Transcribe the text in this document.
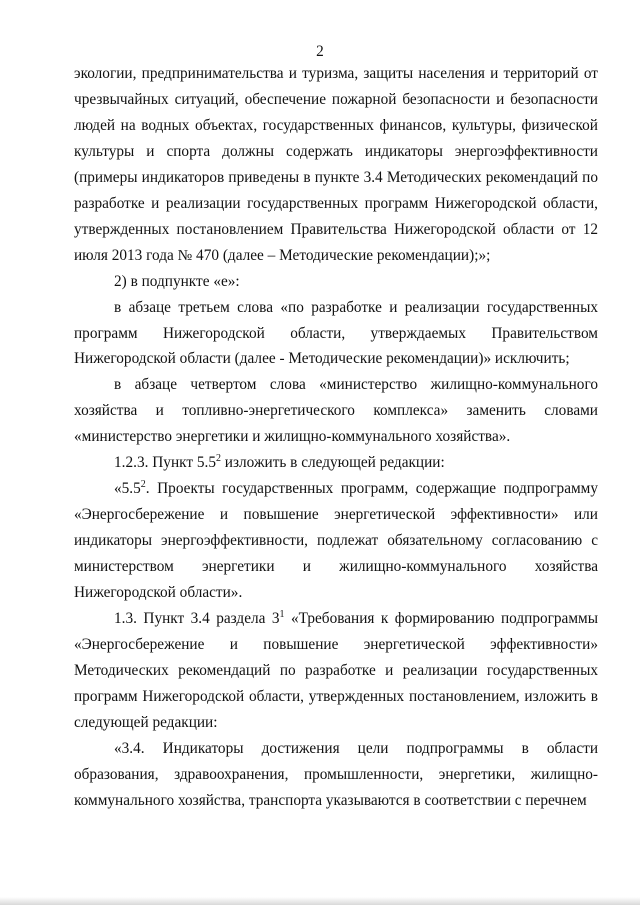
2

экологии, предпринимательства и туризма, защиты населения и территорий от чрезвычайных ситуаций, обеспечение пожарной безопасности и безопасности людей на водных объектах, государственных финансов, культуры, физической культуры и спорта должны содержать индикаторы энергоэффективности (примеры индикаторов приведены в пункте 3.4 Методических рекомендаций по разработке и реализации государственных программ Нижегородской области, утвержденных постановлением Правительства Нижегородской области от 12 июля 2013 года № 470 (далее – Методические рекомендации);»;

2) в подпункте «е»:

в абзаце третьем слова «по разработке и реализации государственных программ Нижегородской области, утверждаемых Правительством Нижегородской области (далее - Методические рекомендации)» исключить;

в абзаце четвертом слова «министерство жилищно-коммунального хозяйства и топливно-энергетического комплекса» заменить словами «министерство энергетики и жилищно-коммунального хозяйства».

1.2.3. Пункт $5.5^2$ изложить в следующей редакции:

«$5.5^2$. Проекты государственных программ, содержащие подпрограмму «Энергосбережение и повышение энергетической эффективности» или индикаторы энергоэффективности, подлежат обязательному согласованию с министерством энергетики и жилищно-коммунального хозяйства Нижегородской области».

1.3. Пункт 3.4 раздела $3^1$ «Требования к формированию подпрограммы «Энергосбережение и повышение энергетической эффективности» Методических рекомендаций по разработке и реализации государственных программ Нижегородской области, утвержденных постановлением, изложить в следующей редакции:

«3.4. Индикаторы достижения цели подпрограммы в области образования, здравоохранения, промышленности, энергетики, жилищно-коммунального хозяйства, транспорта указываются в соответствии с перечнем
